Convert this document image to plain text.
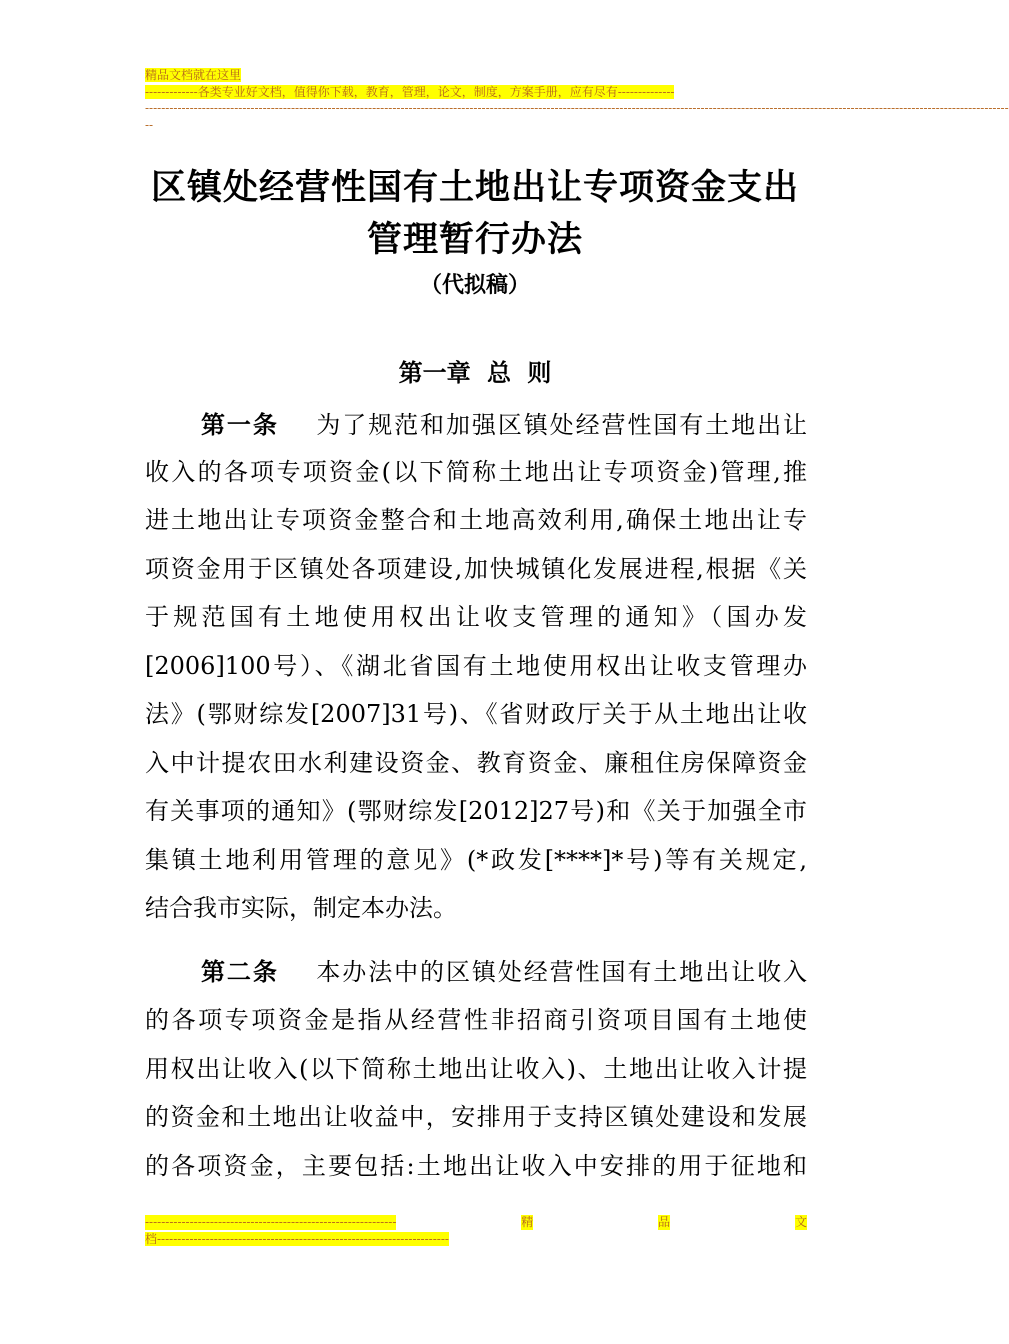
精品文档就在这里
-------------各类专业好文档，值得你下载，教育，管理，论文，制度，方案手册，应有尽有--------------
---------------------------------------------------------------------------------------------------------------------------------------------------------------------------------------------------------------------
--
区镇处经营性国有土地出让专项资金支出
管理暂行办法
（代拟稿）
第一章 总 则
第一条 为了规范和加强区镇处经营性国有土地出让
收入的各项专项资金(以下简称土地出让专项资金)管理,推
进土地出让专项资金整合和土地高效利用,确保土地出让专
项资金用于区镇处各项建设,加快城镇化发展进程,根据《关
于规范国有土地使用权出让收支管理的通知》（国办发
[2006]100号）、《湖北省国有土地使用权出让收支管理办
法》(鄂财综发[2007]31号)、《省财政厅关于从土地出让收
入中计提农田水利建设资金、教育资金、廉租住房保障资金
有关事项的通知》(鄂财综发[2012]27号)和《关于加强全市
集镇土地利用管理的意见》(*政发[****]*号)等有关规定,
结合我市实际，制定本办法。
第二条 本办法中的区镇处经营性国有土地出让收入
的各项专项资金是指从经营性非招商引资项目国有土地使
用权出让收入(以下简称土地出让收入)、土地出让收入计提
的资金和土地出让收益中，安排用于支持区镇处建设和发展
的各项资金，主要包括:土地出让收入中安排的用于征地和
--------------------------------------------------------------	精	品	文
档------------------------------------------------------------------------
